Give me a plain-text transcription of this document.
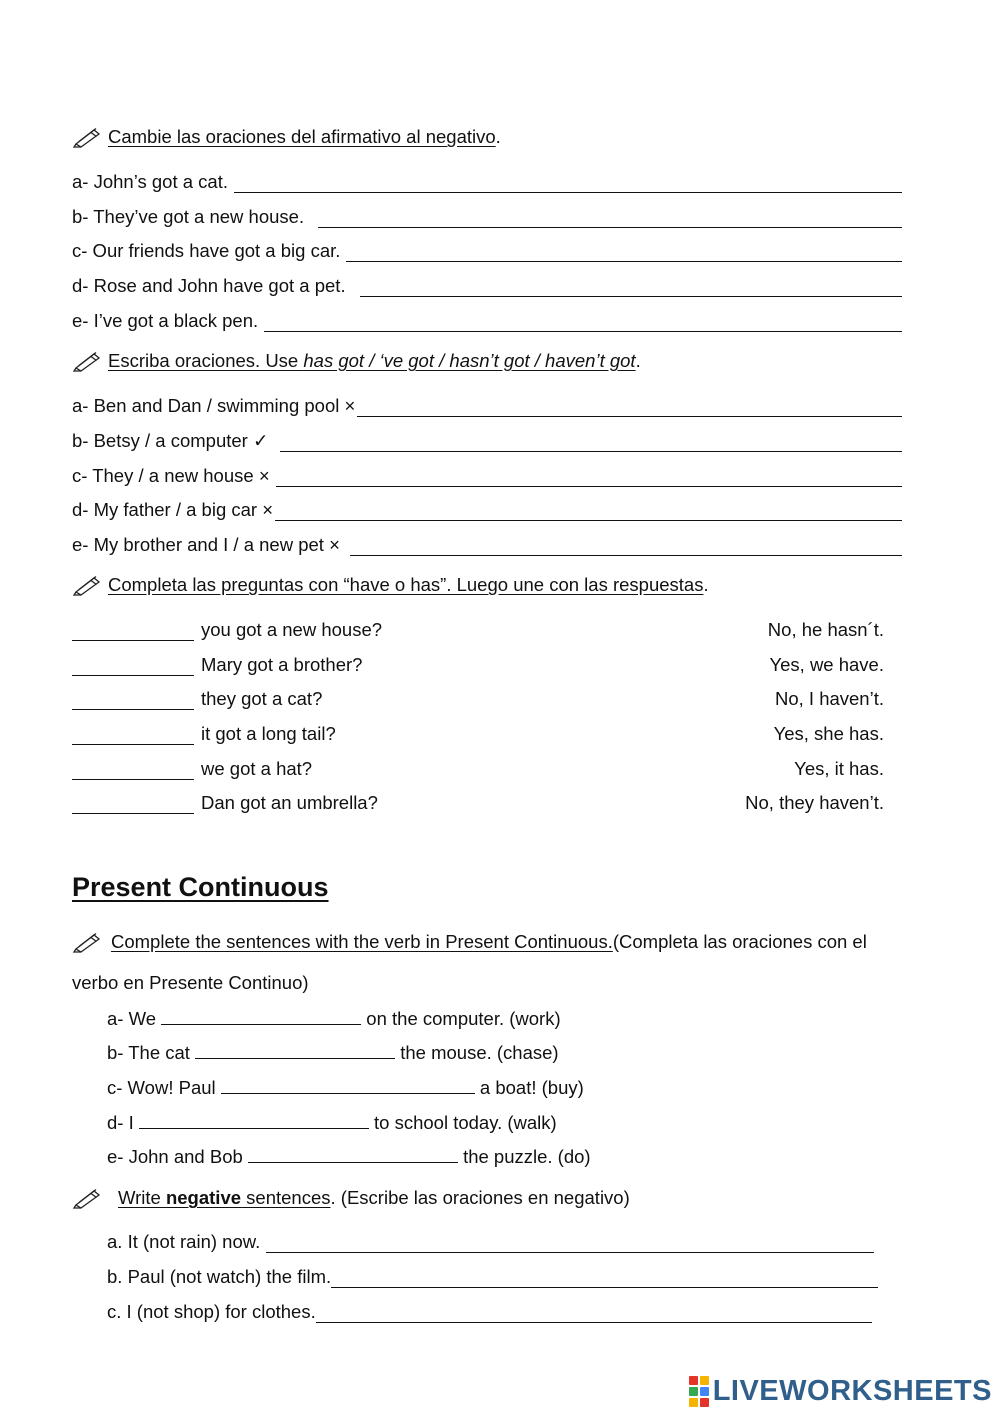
Cambie las oraciones del afirmativo al negativo .
a- John’s got a cat.
b- They’ve got a new house.
c- Our friends have got a big car.
d- Rose and John have got a pet.
e- I’ve got a black pen.
Escriba oraciones. Use has got / ‘ve got / hasn’t got / haven’t got .
a- Ben and Dan / swimming pool ×
b- Betsy / a computer ✓
c- They / a new house ×
d- My father / a big car ×
e- My brother and I / a new pet ×
Completa las preguntas con “have o has”. Luego une con las respuestas .
you got a new house?	No, he hasn´t.
Mary got a brother?	Yes, we have.
they got a cat?	No, I haven’t.
it got a long tail?	Yes, she has.
we got a hat?	Yes, it has.
Dan got an umbrella?	No, they haven’t.
Present Continuous
Complete the sentences with the verb in Present Continuous. (Completa las oraciones con el
verbo en Presente Continuo)
a- We	on the computer. (work)
b- The cat	the mouse. (chase)
c- Wow! Paul	a boat! (buy)
d- I	to school today. (walk)
e- John and Bob	the puzzle. (do)
Write negative sentences . (Escribe las oraciones en negativo)
a. It (not rain) now.
b. Paul (not watch) the film.
c. I (not shop) for clothes.
LIVEWORKSHEETS
